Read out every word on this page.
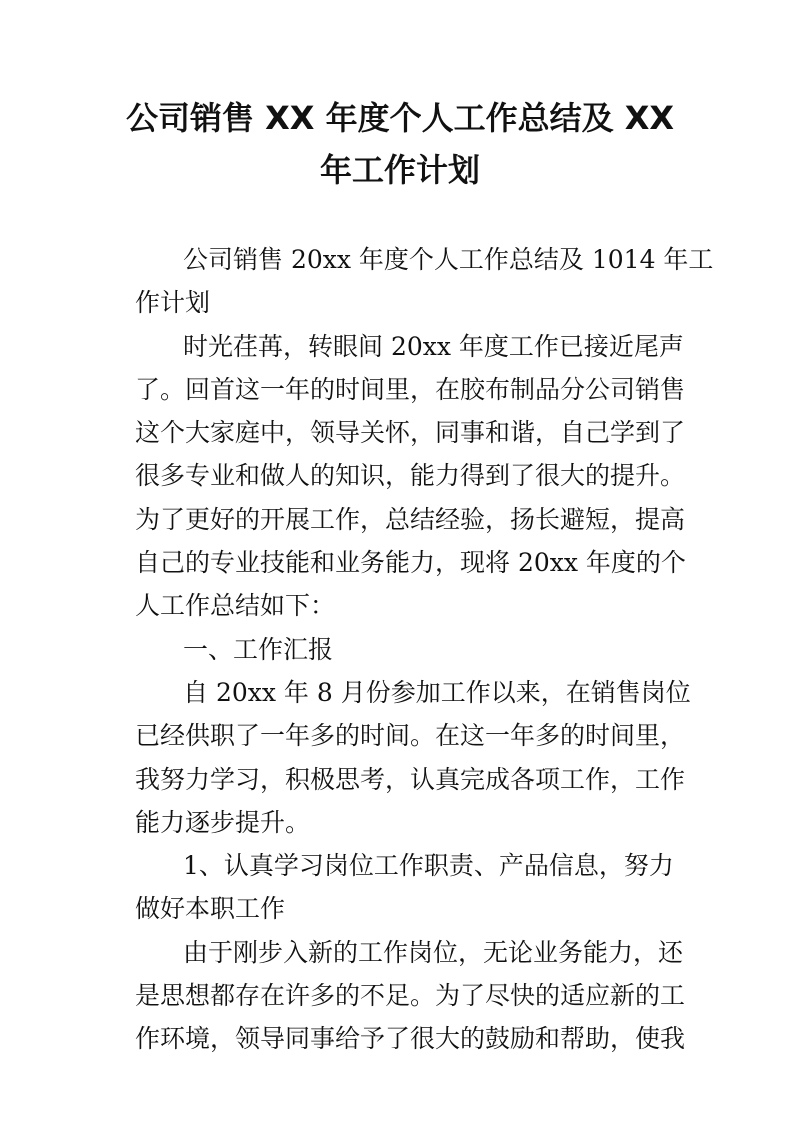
公司销售 XX 年度个人工作总结及 XX
年工作计划
公司销售 20xx 年度个人工作总结及 1014 年工
作计划
时光荏苒，转眼间 20xx 年度工作已接近尾声
了。回首这一年的时间里，在胶布制品分公司销售
这个大家庭中，领导关怀，同事和谐，自己学到了
很多专业和做人的知识，能力得到了很大的提升。
为了更好的开展工作，总结经验，扬长避短，提高
自己的专业技能和业务能力，现将 20xx 年度的个
人工作总结如下：
一、工作汇报
自 20xx 年 8 月份参加工作以来，在销售岗位
已经供职了一年多的时间。在这一年多的时间里，
我努力学习，积极思考，认真完成各项工作，工作
能力逐步提升。
1、认真学习岗位工作职责、产品信息，努力
做好本职工作
由于刚步入新的工作岗位，无论业务能力，还
是思想都存在许多的不足。为了尽快的适应新的工
作环境，领导同事给予了很大的鼓励和帮助，使我
